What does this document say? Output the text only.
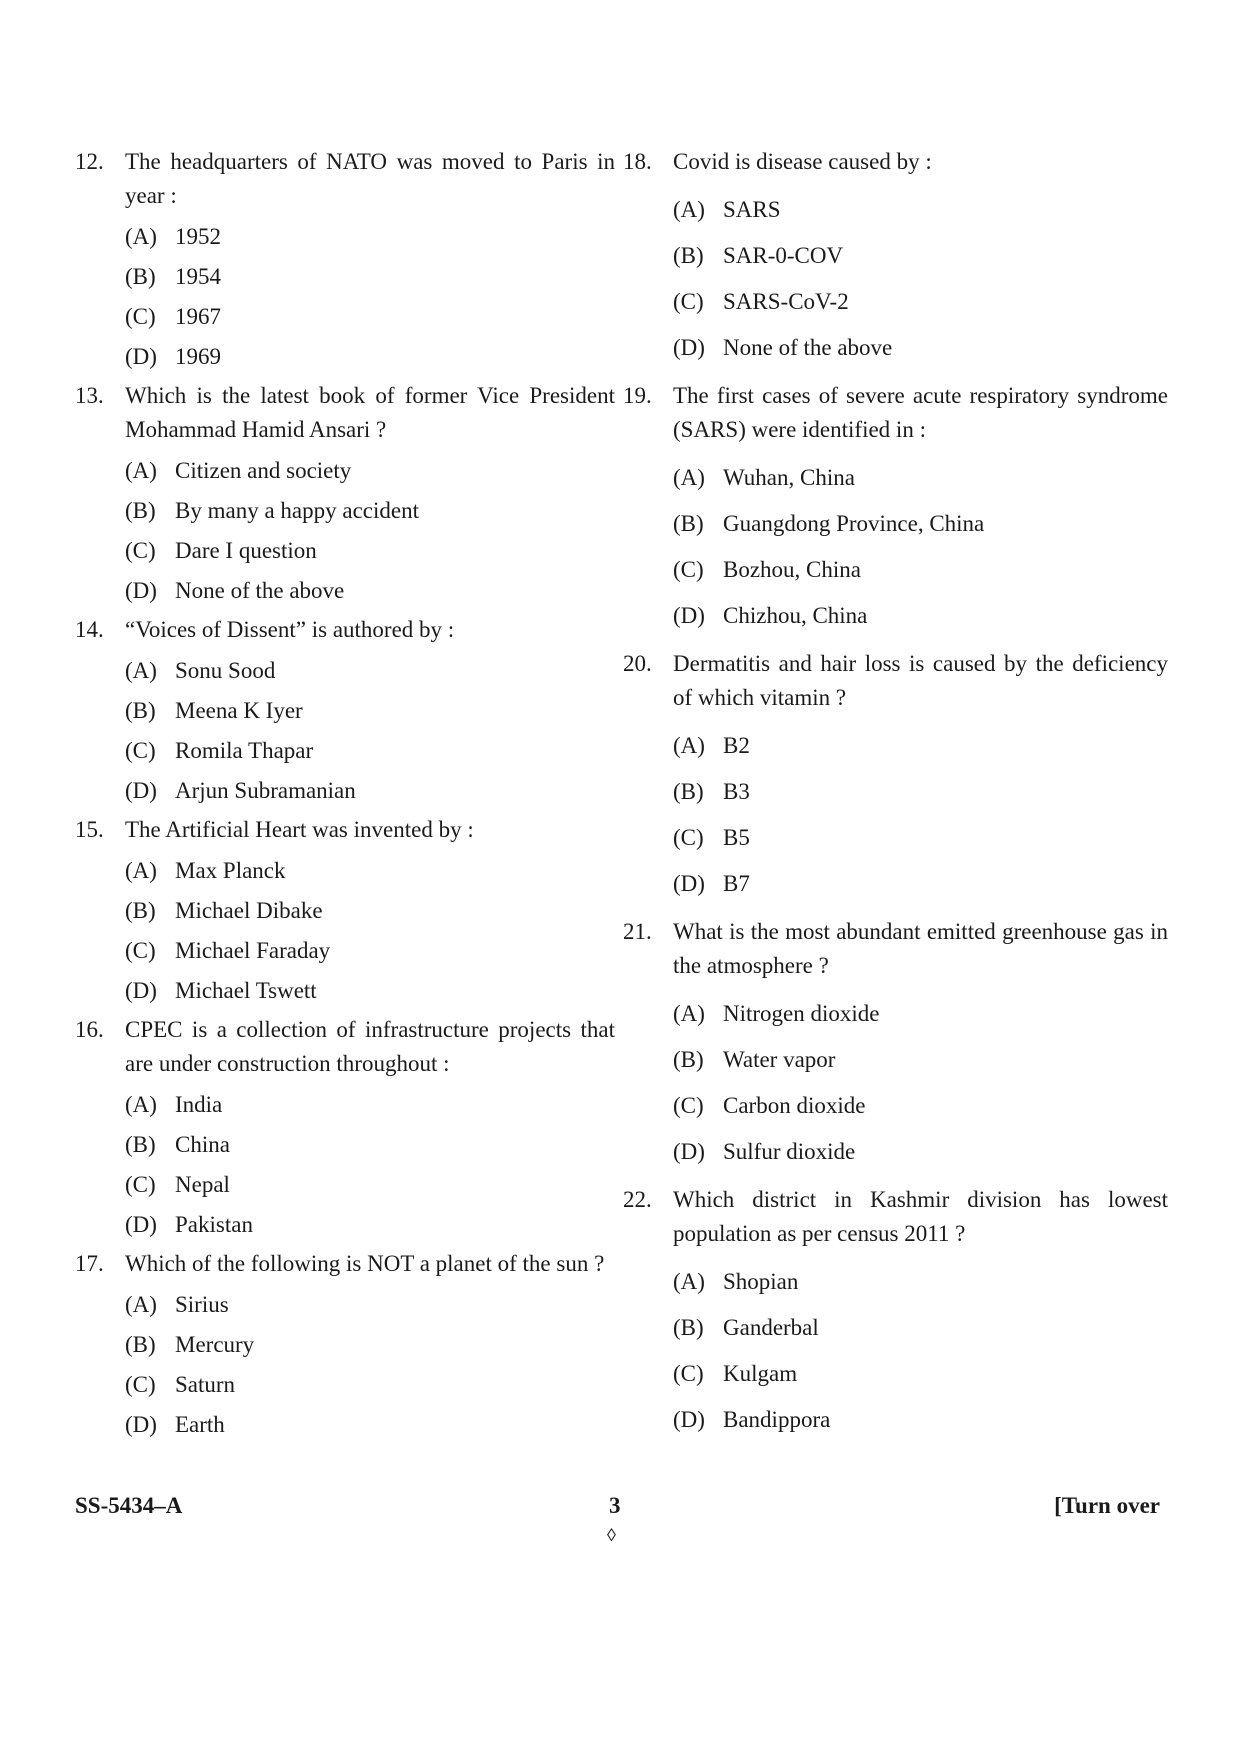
12. The headquarters of NATO was moved to Paris in year :
(A) 1952
(B) 1954
(C) 1967
(D) 1969
13. Which is the latest book of former Vice President Mohammad Hamid Ansari ?
(A) Citizen and society
(B) By many a happy accident
(C) Dare I question
(D) None of the above
14. “Voices of Dissent” is authored by :
(A) Sonu Sood
(B) Meena K Iyer
(C) Romila Thapar
(D) Arjun Subramanian
15. The Artificial Heart was invented by :
(A) Max Planck
(B) Michael Dibake
(C) Michael Faraday
(D) Michael Tswett
16. CPEC is a collection of infrastructure projects that are under construction throughout :
(A) India
(B) China
(C) Nepal
(D) Pakistan
17. Which of the following is NOT a planet of the sun ?
(A) Sirius
(B) Mercury
(C) Saturn
(D) Earth
18. Covid is disease caused by :
(A) SARS
(B) SAR-0-COV
(C) SARS-CoV-2
(D) None of the above
19. The first cases of severe acute respiratory syndrome (SARS) were identified in :
(A) Wuhan, China
(B) Guangdong Province, China
(C) Bozhou, China
(D) Chizhou, China
20. Dermatitis and hair loss is caused by the deficiency of which vitamin ?
(A) B2
(B) B3
(C) B5
(D) B7
21. What is the most abundant emitted greenhouse gas in the atmosphere ?
(A) Nitrogen dioxide
(B) Water vapor
(C) Carbon dioxide
(D) Sulfur dioxide
22. Which district in Kashmir division has lowest population as per census 2011 ?
(A) Shopian
(B) Ganderbal
(C) Kulgam
(D) Bandippora
SS-5434–A	3
◊
[Turn over
